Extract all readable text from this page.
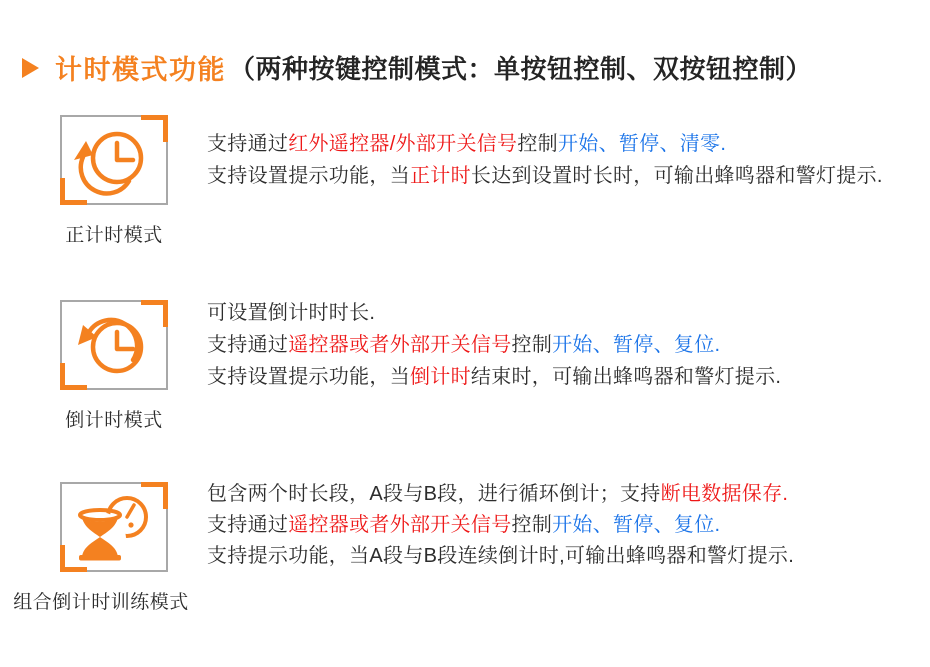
计时模式功能 （两种按键控制模式：单按钮控制、双按钮控制）
正计时模式
支持通过红外遥控器/外部开关信号控制开始、暂停、清零.
支持设置提示功能，当正计时长达到设置时长时，可输出蜂鸣器和警灯提示.
倒计时模式
可设置倒计时时长.
支持通过遥控器或者外部开关信号控制开始、暂停、复位.
支持设置提示功能，当倒计时结束时，可输出蜂鸣器和警灯提示.
组合倒计时训练模式
包含两个时长段，A段与B段，进行循环倒计；支持断电数据保存.
支持通过遥控器或者外部开关信号控制开始、暂停、复位.
支持提示功能，当A段与B段连续倒计时,可输出蜂鸣器和警灯提示.
